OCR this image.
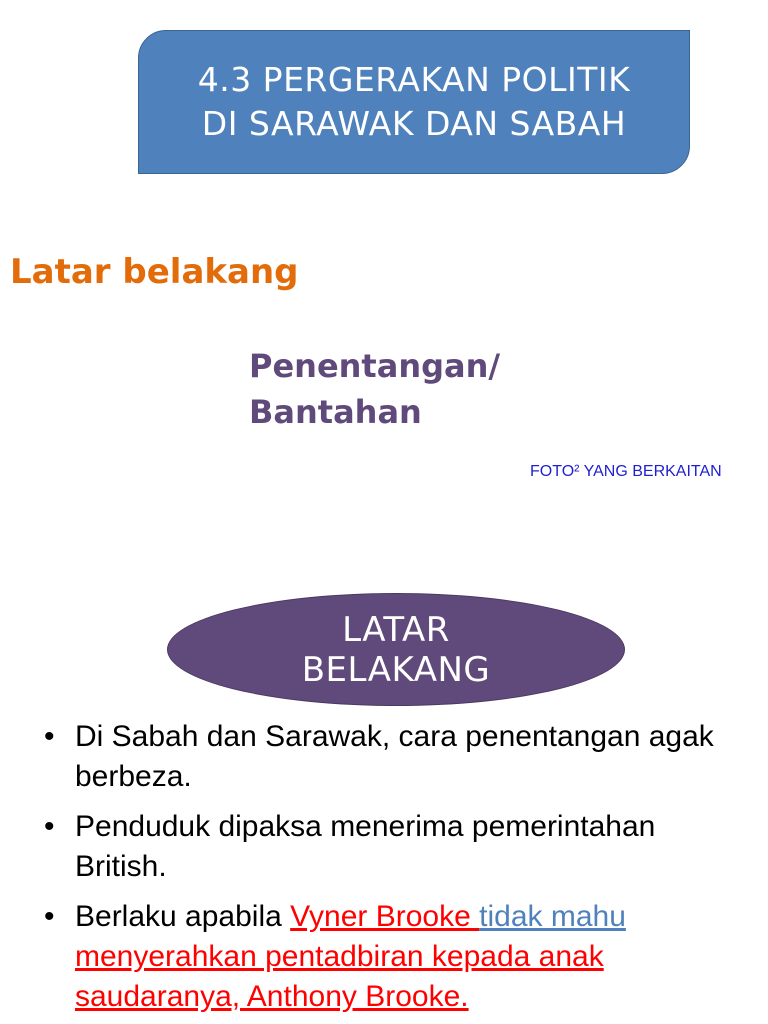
4.3 PERGERAKAN POLITIK
DI SARAWAK DAN SABAH
Latar belakang
Penentangan/
Bantahan
FOTO² YANG BERKAITAN
LATAR
BELAKANG
• Di Sabah dan Sarawak, cara penentangan agak berbeza.
• Penduduk dipaksa menerima pemerintahan British.
• Berlaku apabila Vyner Brooke tidak mahu menyerahkan pentadbiran kepada anak saudaranya, Anthony Brooke.
